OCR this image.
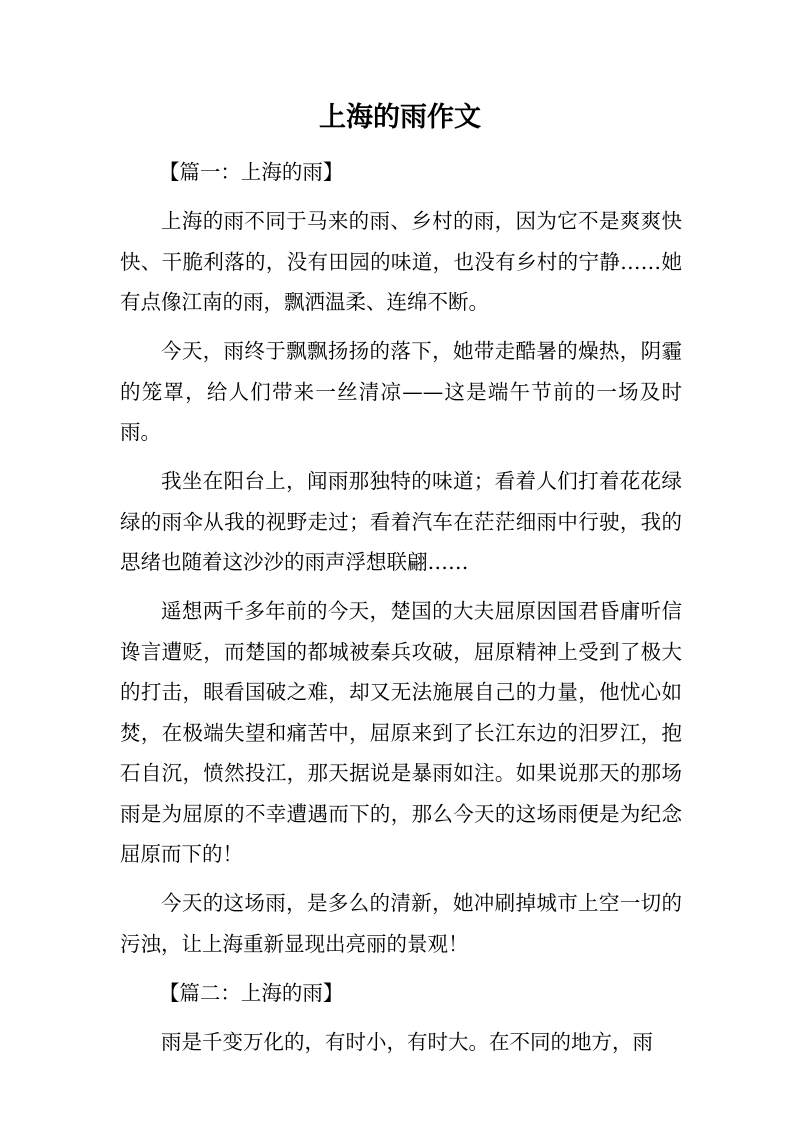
上海的雨作文

【篇一：上海的雨】

上海的雨不同于马来的雨、乡村的雨，因为它不是爽爽快快、干脆利落的，没有田园的味道，也没有乡村的宁静……她有点像江南的雨，飘洒温柔、连绵不断。

今天，雨终于飘飘扬扬的落下，她带走酷暑的燥热，阴霾的笼罩，给人们带来一丝清凉——这是端午节前的一场及时雨。

我坐在阳台上，闻雨那独特的味道；看着人们打着花花绿绿的雨伞从我的视野走过；看着汽车在茫茫细雨中行驶，我的思绪也随着这沙沙的雨声浮想联翩……

遥想两千多年前的今天，楚国的大夫屈原因国君昏庸听信谗言遭贬，而楚国的都城被秦兵攻破，屈原精神上受到了极大的打击，眼看国破之难，却又无法施展自己的力量，他忧心如焚，在极端失望和痛苦中，屈原来到了长江东边的汨罗江，抱石自沉，愤然投江，那天据说是暴雨如注。如果说那天的那场雨是为屈原的不幸遭遇而下的，那么今天的这场雨便是为纪念屈原而下的！

今天的这场雨，是多么的清新，她冲刷掉城市上空一切的污浊，让上海重新显现出亮丽的景观！

【篇二：上海的雨】

雨是千变万化的，有时小，有时大。在不同的地方，雨
